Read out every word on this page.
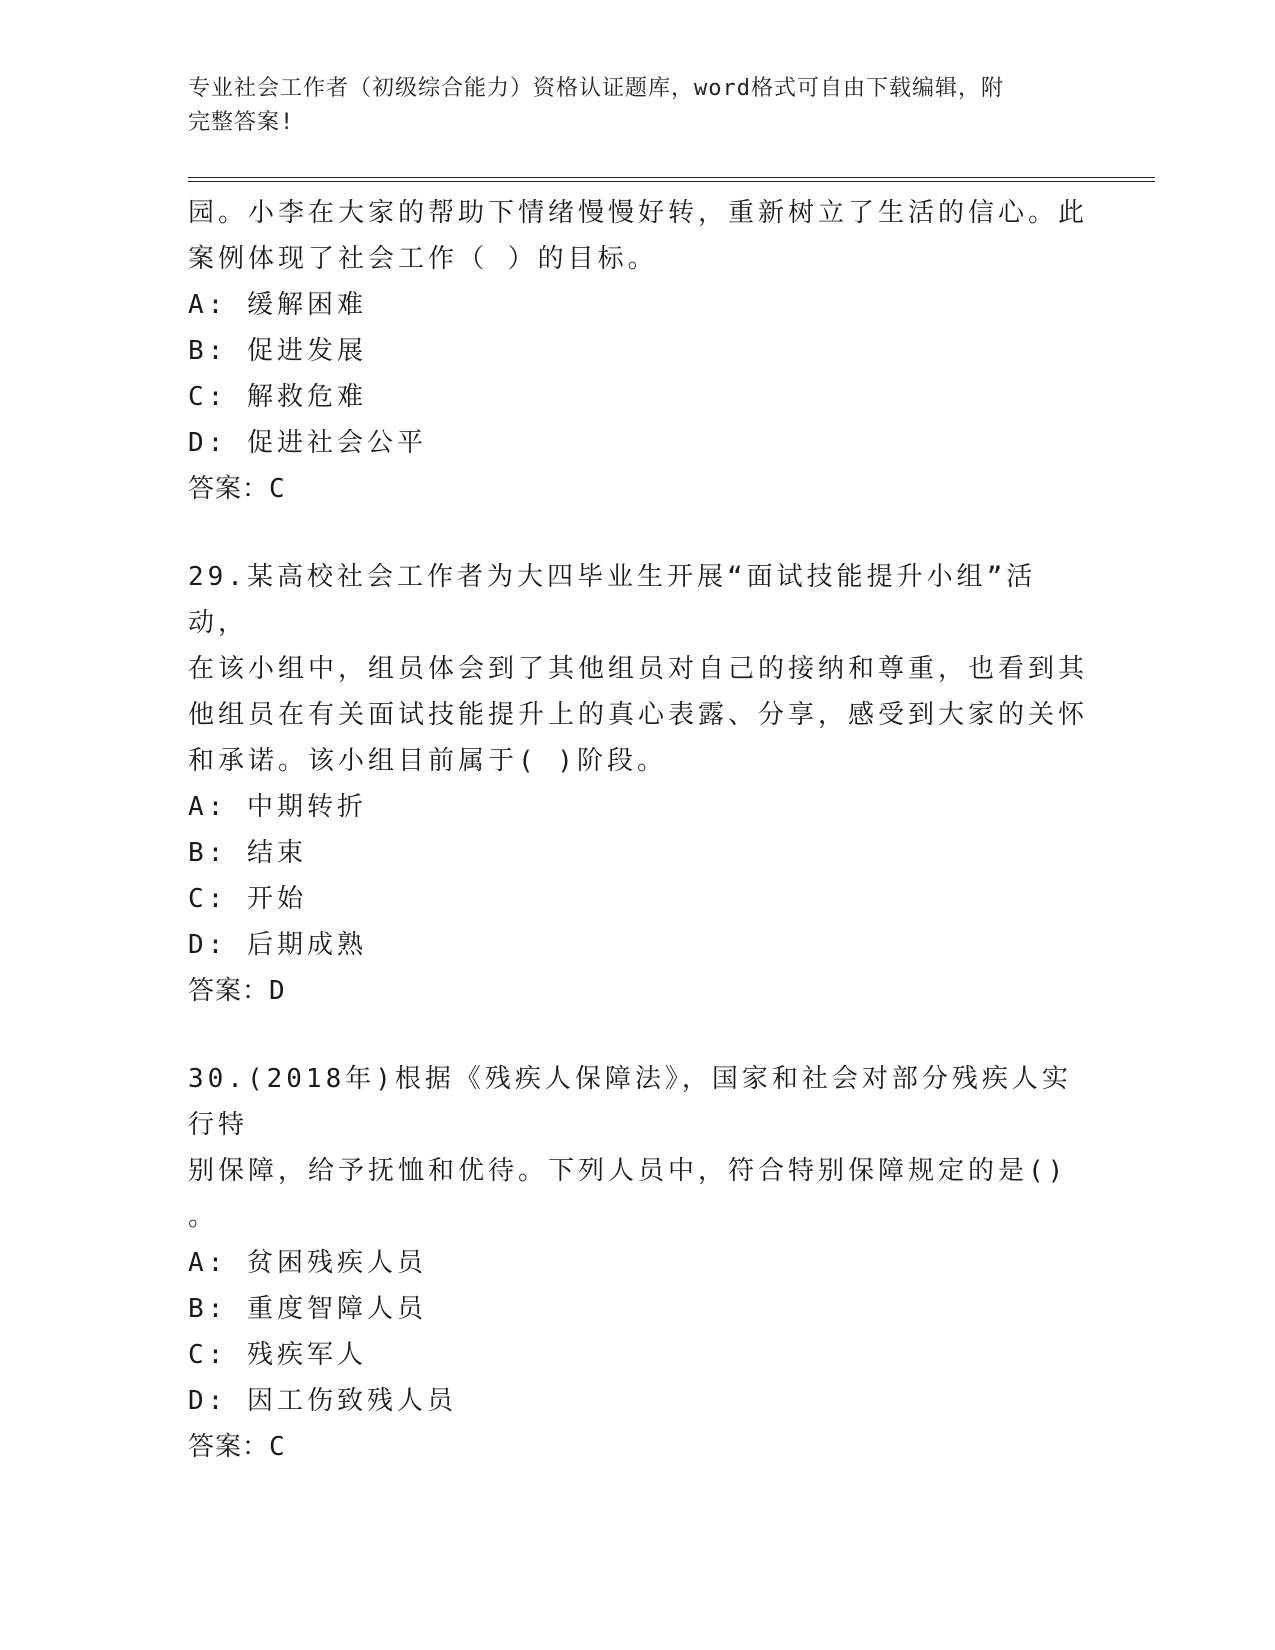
专业社会工作者（初级综合能力）资格认证题库，word格式可自由下载编辑，附
完整答案!

园。小李在大家的帮助下情绪慢慢好转，重新树立了生活的信心。此

案例体现了社会工作（ ）的目标。

A: 缓解困难

B: 促进发展

C: 解救危难

D: 促进社会公平

答案：C

29.某高校社会工作者为大四毕业生开展“面试技能提升小组”活动，

在该小组中，组员体会到了其他组员对自己的接纳和尊重，也看到其

他组员在有关面试技能提升上的真心表露、分享，感受到大家的关怀

和承诺。该小组目前属于( )阶段。

A: 中期转折

B: 结束

C: 开始

D: 后期成熟

答案：D

30.(2018年)根据《残疾人保障法》，国家和社会对部分残疾人实行特

别保障，给予抚恤和优待。下列人员中，符合特别保障规定的是()

。

A: 贫困残疾人员

B: 重度智障人员

C: 残疾军人

D: 因工伤致残人员

答案：C
